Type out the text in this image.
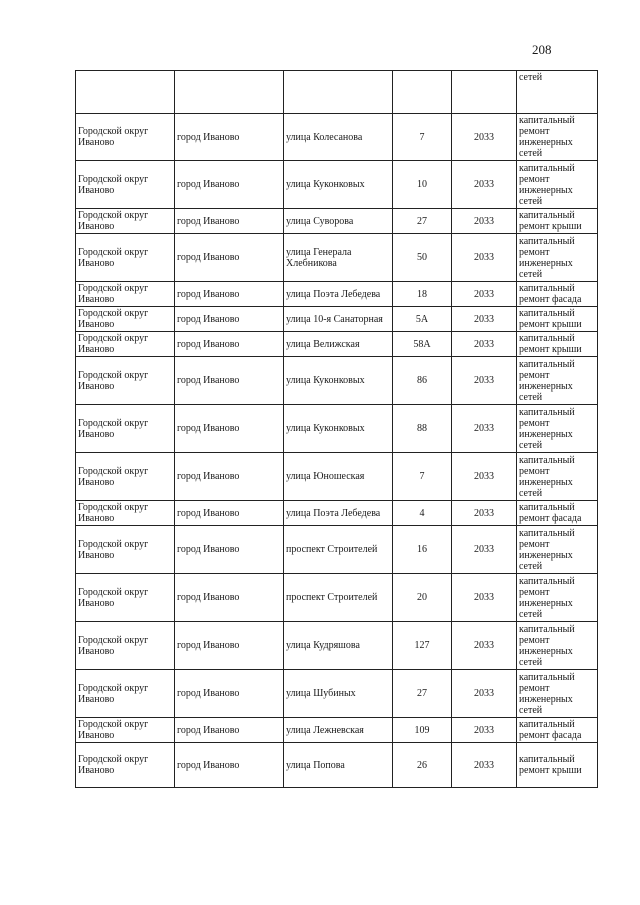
208
					сетей
Городской округ Иваново	город Иваново	улица Колесанова	7	2033	капитальный ремонт инженерных сетей
Городской округ Иваново	город Иваново	улица Куконковых	10	2033	капитальный ремонт инженерных сетей
Городской округ Иваново	город Иваново	улица Суворова	27	2033	капитальный ремонт крыши
Городской округ Иваново	город Иваново	улица Генерала Хлебникова	50	2033	капитальный ремонт инженерных сетей
Городской округ Иваново	город Иваново	улица Поэта Лебедева	18	2033	капитальный ремонт фасада
Городской округ Иваново	город Иваново	улица 10-я Санаторная	5А	2033	капитальный ремонт крыши
Городской округ Иваново	город Иваново	улица Велижская	58А	2033	капитальный ремонт крыши
Городской округ Иваново	город Иваново	улица Куконковых	86	2033	капитальный ремонт инженерных сетей
Городской округ Иваново	город Иваново	улица Куконковых	88	2033	капитальный ремонт инженерных сетей
Городской округ Иваново	город Иваново	улица Юношеская	7	2033	капитальный ремонт инженерных сетей
Городской округ Иваново	город Иваново	улица Поэта Лебедева	4	2033	капитальный ремонт фасада
Городской округ Иваново	город Иваново	проспект Строителей	16	2033	капитальный ремонт инженерных сетей
Городской округ Иваново	город Иваново	проспект Строителей	20	2033	капитальный ремонт инженерных сетей
Городской округ Иваново	город Иваново	улица Кудряшова	127	2033	капитальный ремонт инженерных сетей
Городской округ Иваново	город Иваново	улица Шубиных	27	2033	капитальный ремонт инженерных сетей
Городской округ Иваново	город Иваново	улица Лежневская	109	2033	капитальный ремонт фасада
Городской округ Иваново	город Иваново	улица Попова	26	2033	капитальный ремонт крыши
